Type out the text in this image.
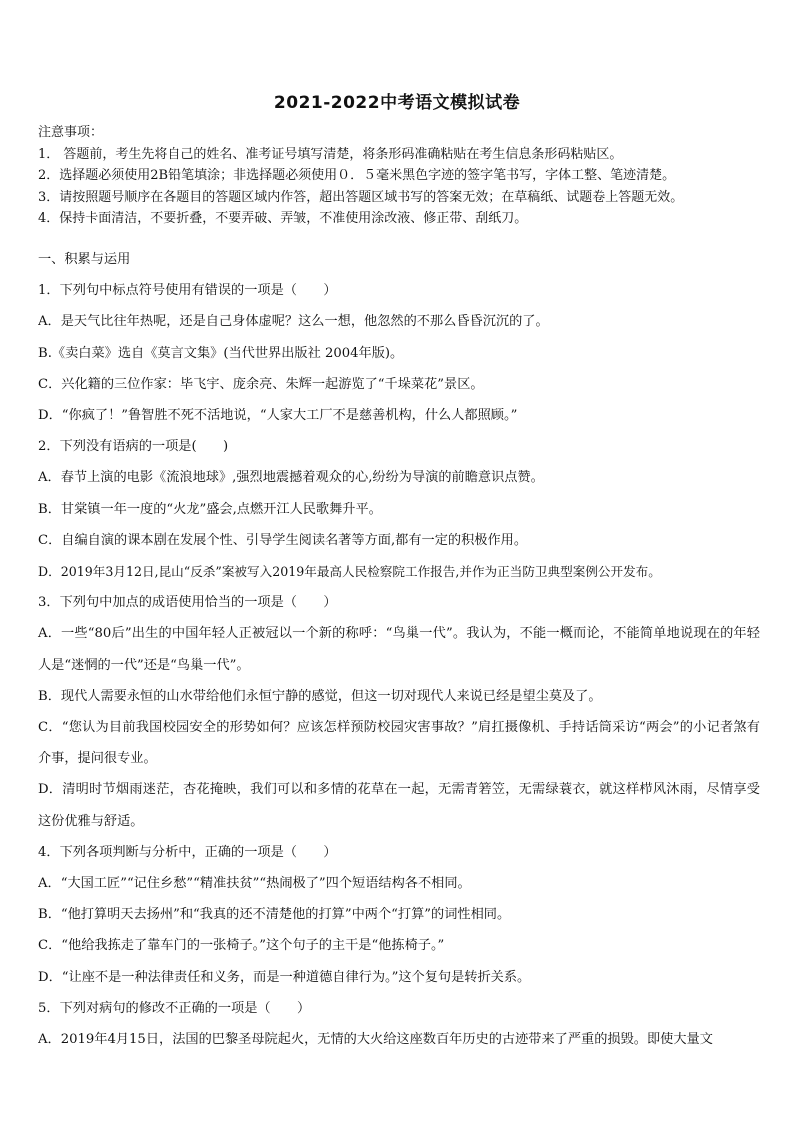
2021-2022中考语文模拟试卷
注意事项：
1． 答题前，考生先将自己的姓名、准考证号填写清楚，将条形码准确粘贴在考生信息条形码粘贴区。
2．选择题必须使用2B铅笔填涂；非选择题必须使用０．５毫米黑色字迹的签字笔书写，字体工整、笔迹清楚。
3．请按照题号顺序在各题目的答题区域内作答，超出答题区域书写的答案无效；在草稿纸、试题卷上答题无效。
4．保持卡面清洁，不要折叠，不要弄破、弄皱，不准使用涂改液、修正带、刮纸刀。
一、积累与运用
1．下列句中标点符号使用有错误的一项是（　　）
A．是天气比往年热呢，还是自己身体虚呢？这么一想，他忽然的不那么昏昏沉沉的了。
B.《卖白菜》选自《莫言文集》(当代世界出版社 2004年版)。
C．兴化籍的三位作家：毕飞宇、庞余亮、朱辉一起游览了“千垛菜花”景区。
D．“你疯了！”鲁智胜不死不活地说，“人家大工厂不是慈善机构，什么人都照顾。”
2．下列没有语病的一项是(　　)
A．春节上演的电影《流浪地球》,强烈地震撼着观众的心,纷纷为导演的前瞻意识点赞。
B．甘棠镇一年一度的“火龙”盛会,点燃开江人民歌舞升平。
C．自编自演的课本剧在发展个性、引导学生阅读名著等方面,都有一定的积极作用。
D．2019年3月12日,昆山“反杀”案被写入2019年最高人民检察院工作报告,并作为正当防卫典型案例公开发布。
3．下列句中加点的成语使用恰当的一项是（　　）
A．一些“80后”出生的中国年轻人正被冠以一个新的称呼：“鸟巢一代”。我认为，不能一概而论，不能简单地说现在的年轻人是“迷惘的一代”还是“鸟巢一代”。
B．现代人需要永恒的山水带给他们永恒宁静的感觉，但这一切对现代人来说已经是望尘莫及了。
C．“您认为目前我国校园安全的形势如何？应该怎样预防校园灾害事故？”肩扛摄像机、手持话筒采访“两会”的小记者煞有介事，提问很专业。
D．清明时节烟雨迷茫，杏花掩映，我们可以和多情的花草在一起，无需青箬笠，无需绿蓑衣，就这样栉风沐雨，尽情享受这份优雅与舒适。
4．下列各项判断与分析中，正确的一项是（　　）
A．“大国工匠”“记住乡愁”“精准扶贫”“热闹极了”四个短语结构各不相同。
B．“他打算明天去扬州”和“我真的还不清楚他的打算”中两个“打算”的词性相同。
C．“他给我拣走了靠车门的一张椅子。”这个句子的主干是“他拣椅子。”
D．“让座不是一种法律责任和义务，而是一种道德自律行为。”这个复句是转折关系。
5．下列对病句的修改不正确的一项是（　　）
A．2019年4月15日，法国的巴黎圣母院起火，无情的大火给这座数百年历史的古迹带来了严重的损毁。即使大量文
